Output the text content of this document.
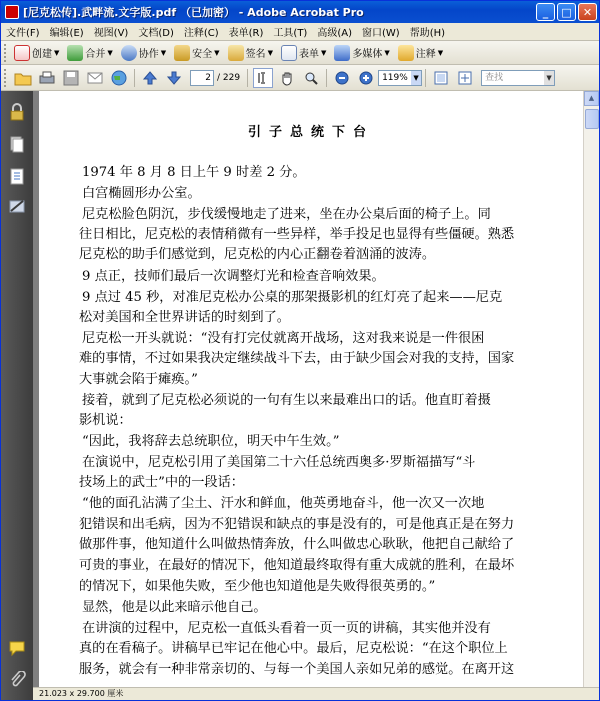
[尼克松传].武畔流.文字版.pdf （已加密） - Adobe Acrobat Pro	_	□	✕
文件(F)	编辑(E)	视图(V)	文档(D)	注释(C)	表单(R)	工具(T)	高级(A)	窗口(W)	帮助(H)
创建 ▼	合并 ▼	协作 ▼	安全 ▼	签名 ▼	表单 ▼	多媒体 ▼	注释 ▼
2 / 229	119% ▼	查找	▼
引子总统下台
1974 年 8 月 8 日上午 9 时差 2 分。
白宫椭圆形办公室。
尼克松脸色阴沉，步伐缓慢地走了进来，坐在办公桌后面的椅子上。同
往日相比，尼克松的表情稍微有一些异样，举手投足也显得有些僵硬。熟悉
尼克松的助手们感觉到，尼克松的内心正翻卷着汹涌的波涛。
9 点正，技师们最后一次调整灯光和检查音响效果。
9 点过 45 秒，对准尼克松办公桌的那架摄影机的红灯亮了起来——尼克
松对美国和全世界讲话的时刻到了。
尼克松一开头就说：“没有打完仗就离开战场，这对我来说是一件很困
难的事情，不过如果我决定继续战斗下去，由于缺少国会对我的支持，国家
大事就会陷于瘫痪。”
接着，就到了尼克松必须说的一句有生以来最难出口的话。他直盯着摄
影机说：
“因此，我将辞去总统职位，明天中午生效。”
在演说中，尼克松引用了美国第二十六任总统西奥多·罗斯福描写“斗
技场上的武士”中的一段话：
“他的面孔沾满了尘土、汗水和鲜血，他英勇地奋斗，他一次又一次地
犯错误和出毛病，因为不犯错误和缺点的事是没有的，可是他真正是在努力
做那件事，他知道什么叫做热情奔放，什么叫做忠心耿耿，他把自己献给了
可贵的事业，在最好的情况下，他知道最终取得有重大成就的胜利，在最坏
的情况下，如果他失败，至少他也知道他是失败得很英勇的。”
显然，他是以此来暗示他自己。
在讲演的过程中，尼克松一直低头看着一页一页的讲稿，其实他并没有
真的在看稿子。讲稿早已牢记在他心中。最后，尼克松说：“在这个职位上
服务，就会有一种非常亲切的、与每一个美国人亲如兄弟的感觉。在离开这
▲
21.023 x 29.700 厘米
